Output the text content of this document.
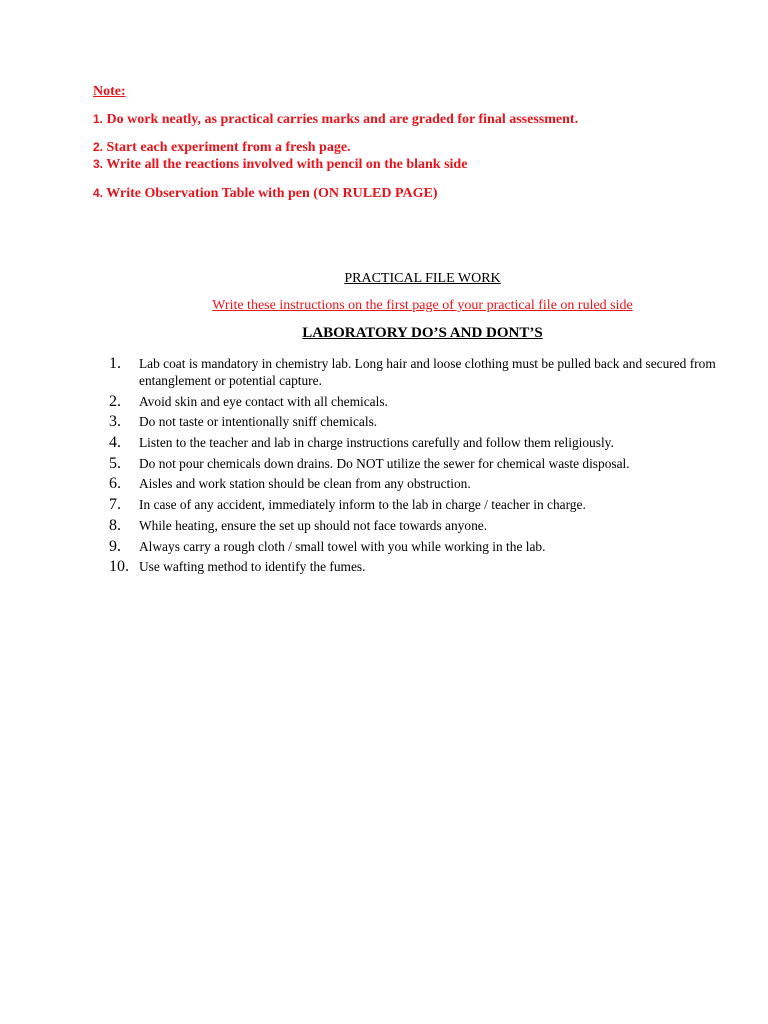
Note:

1. Do work neatly, as practical carries marks and are graded for final assessment.

2. Start each experiment from a fresh page.

3. Write all the reactions involved with pencil on the blank side

4. Write Observation Table with pen (ON RULED PAGE)

PRACTICAL FILE WORK

Write these instructions on the first page of your practical file on ruled side

LABORATORY DO’S AND DONT’S

1.	Lab coat is mandatory in chemistry lab. Long hair and loose clothing must be pulled back and secured from entanglement or potential capture.
2.	Avoid skin and eye contact with all chemicals.
3.	Do not taste or intentionally sniff chemicals.
4.	Listen to the teacher and lab in charge instructions carefully and follow them religiously.
5.	Do not pour chemicals down drains. Do NOT utilize the sewer for chemical waste disposal.
6.	Aisles and work station should be clean from any obstruction.
7.	In case of any accident, immediately inform to the lab in charge / teacher in charge.
8.	While heating, ensure the set up should not face towards anyone.
9.	Always carry a rough cloth / small towel with you while working in the lab.
10. Use wafting method to identify the fumes.
